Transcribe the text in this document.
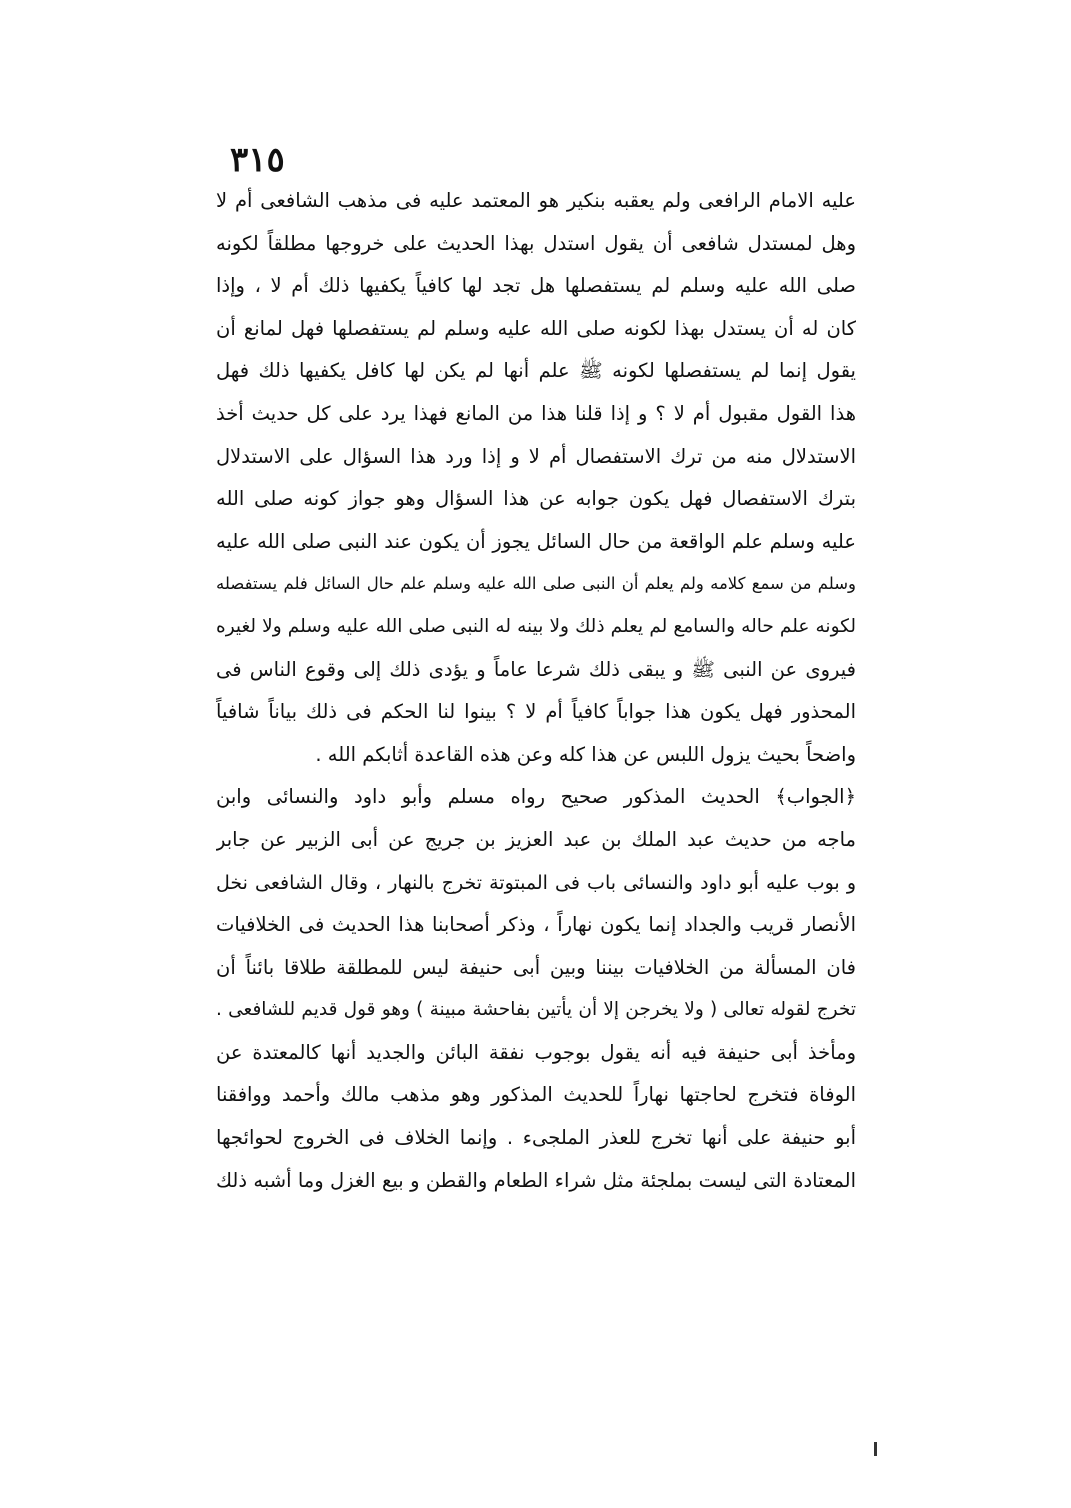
٣١٥
عليه الامام الرافعى ولم يعقبه بنكير هو المعتمد عليه فى مذهب الشافعى أم لا
وهل لمستدل شافعى أن يقول استدل بهذا الحديث على خروجها مطلقاً لكونه
صلى الله عليه وسلم لم يستفصلها هل تجد لها كافياً يكفيها ذلك أم لا ، وإذا
كان له أن يستدل بهذا لكونه صلى الله عليه وسلم لم يستفصلها فهل لمانع أن
يقول إنما لم يستفصلها لكونه ﷺ علم أنها لم يكن لها كافل يكفيها ذلك فهل
هذا القول مقبول أم لا ؟ و إذا قلنا هذا من المانع فهذا يرد على كل حديث أخذ
الاستدلال منه من ترك الاستفصال أم لا و إذا ورد هذا السؤال على الاستدلال
بترك الاستفصال فهل يكون جوابه عن هذا السؤال وهو جواز كونه صلى الله
عليه وسلم علم الواقعة من حال السائل يجوز أن يكون عند النبى صلى الله عليه
وسلم من سمع كلامه ولم يعلم أن النبى صلى الله عليه وسلم علم حال السائل فلم يستفصله
لكونه علم حاله والسامع لم يعلم ذلك ولا بينه له النبى صلى الله عليه وسلم ولا لغيره
فيروى عن النبى ﷺ و يبقى ذلك شرعا عاماً و يؤدى ذلك إلى وقوع الناس فى
المحذور فهل يكون هذا جواباً كافياً أم لا ؟ بينوا لنا الحكم فى ذلك بياناً شافياً
واضحاً بحيث يزول اللبس عن هذا كله وعن هذه القاعدة أثابكم الله .
﴿الجواب﴾ الحديث المذكور صحيح رواه مسلم وأبو داود والنسائى وابن
ماجه من حديث عبد الملك بن عبد العزيز بن جريج عن أبى الزبير عن جابر
و بوب عليه أبو داود والنسائى باب فى المبتوتة تخرج بالنهار ، وقال الشافعى نخل
الأنصار قريب والجداد إنما يكون نهاراً ، وذكر أصحابنا هذا الحديث فى الخلافيات
فان المسألة من الخلافيات بيننا وبين أبى حنيفة ليس للمطلقة طلاقا بائناً أن
تخرج لقوله تعالى ( ولا يخرجن إلا أن يأتين بفاحشة مبينة ) وهو قول قديم للشافعى .
ومأخذ أبى حنيفة فيه أنه يقول بوجوب نفقة البائن والجديد أنها كالمعتدة عن
الوفاة فتخرج لحاجتها نهاراً للحديث المذكور وهو مذهب مالك وأحمد ووافقنا
أبو حنيفة على أنها تخرج للعذر الملجىء . وإنما الخلاف فى الخروج لحوائجها
المعتادة التى ليست بملجئة مثل شراء الطعام والقطن و بيع الغزل وما أشبه ذلك
